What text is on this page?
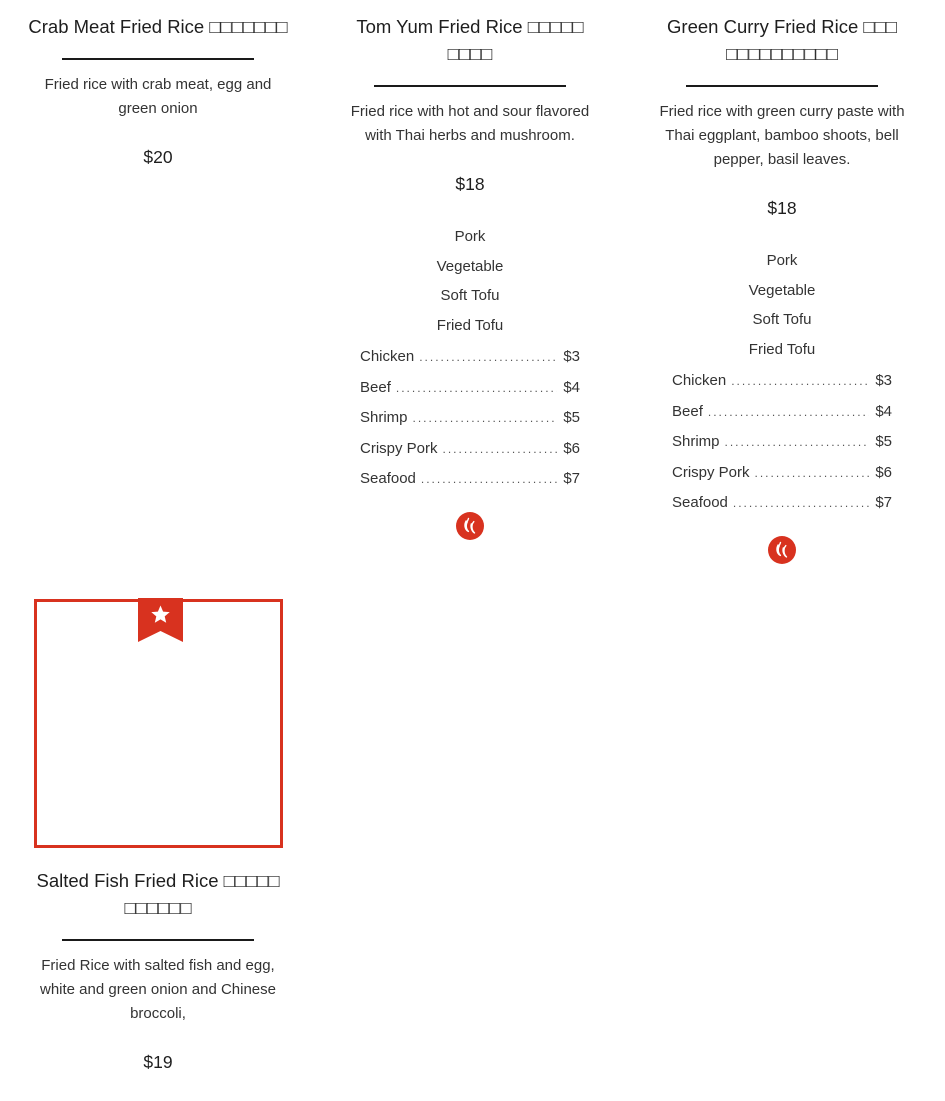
Crab Meat Fried Rice □□□□□□□
Fried rice with crab meat, egg and green onion
$20
Tom Yum Fried Rice □□□□□ □□□□
Fried rice with hot and sour flavored with Thai herbs and mushroom.
$18
Pork
Vegetable
Soft Tofu
Fried Tofu
Chicken .....	$3
Beef .....	$4
Shrimp .....	$5
Crispy Pork .....	$6
Seafood .....	$7
Green Curry Fried Rice □□□ □□□□□□□□□□
Fried rice with green curry paste with Thai eggplant, bamboo shoots, bell pepper, basil leaves.
$18
Pork
Vegetable
Soft Tofu
Fried Tofu
Chicken .....	$3
Beef .....	$4
Shrimp .....	$5
Crispy Pork .....	$6
Seafood .....	$7
Salted Fish Fried Rice □□□□□ □□□□□□
Fried Rice with salted fish and egg, white and green onion and Chinese broccoli,
$19
